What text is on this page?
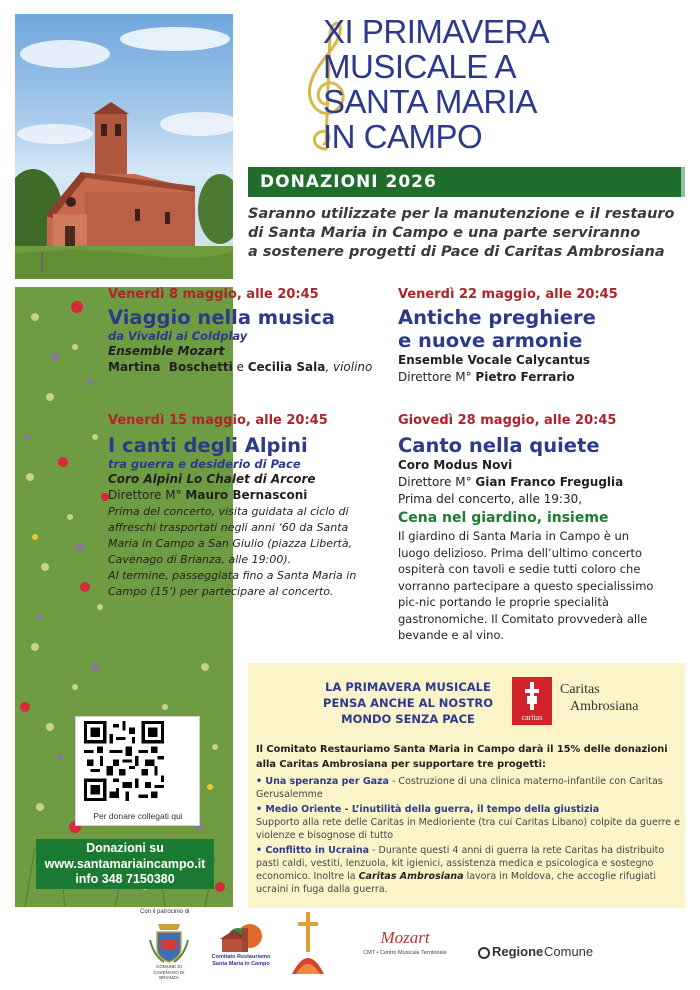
Per donare collegati qui
Donazioni su
www.santamariaincampo.it
info 348 7150380
XI PRIMAVERA
MUSICALE A
SANTA MARIA
IN CAMPO
DONAZIONI 2026
Saranno utilizzate per la manutenzione e il restauro
di Santa Maria in Campo e una parte serviranno
a sostenere progetti di Pace di Caritas Ambrosiana
Venerdì 8 maggio, alle 20:45
Viaggio nella musica
da Vivaldi ai Coldplay
Ensemble Mozart
Martina  Boschetti e Cecilia Sala, violino
Venerdì 22 maggio, alle 20:45
Antiche preghiere
e nuove armonie
Ensemble Vocale Calycantus
Direttore M° Pietro Ferrario
Venerdì 15 maggio, alle 20:45
I canti degli Alpini
tra guerra e desiderio di Pace
Coro Alpini Lo Chalet di Arcore
Direttore M° Mauro Bernasconi
Prima del concerto, visita guidata al ciclo di
affreschi trasportati negli anni ‘60 da Santa
Maria in Campo a San Giulio (piazza Libertà,
Cavenago di Brianza, alle 19:00).
Al termine, passeggiata fino a Santa Maria in
Campo (15’) per partecipare al concerto.
Giovedì 28 maggio, alle 20:45
Canto nella quiete
Coro Modus Novi
Direttore M° Gian Franco Freguglia
Prima del concerto, alle 19:30,
Cena nel giardino, insieme
Il giardino di Santa Maria in Campo è un
luogo delizioso. Prima dell’ultimo concerto
ospiterà con tavoli e sedie tutti coloro che
vorranno partecipare a questo specialissimo
pic-nic portando le proprie specialità
gastronomiche. Il Comitato provvederà alle
bevande e al vino.
LA PRIMAVERA MUSICALE
PENSA ANCHE AL NOSTRO
MONDO SENZA PACE	caritas
Caritas
Ambrosiana
Il Comitato Restauriamo Santa Maria in Campo darà il 15% delle donazioni alla Caritas Ambrosiana per supportare tre progetti:
• Una speranza per Gaza - Costruzione di una clinica materno-infantile con Caritas Gerusalemme
• Medio Oriente - L’inutilità della guerra, il tempo della giustizia
Supporto alla rete delle Caritas in Medioriente (tra cui Caritas Libano) colpite da guerre e violenze e bisognose di tutto
• Conflitto in Ucraina - Durante questi 4 anni di guerra la rete Caritas ha distribuito pasti caldi, vestiti, lenzuola, kit igienici, assistenza medica e psicologica e sostegno economico. Inoltre la Caritas Ambrosiana lavora in Moldova, che accoglie rifugiati ucraini in fuga dalla guerra.
Con il patrocinio di
COMUNE DI
CAVENAGO DI BRIANZA
Comitato Restauriamo
Santa Maria in Campo
Mozart
CMT • Centro Musicale Territoriale	Regione Comune
